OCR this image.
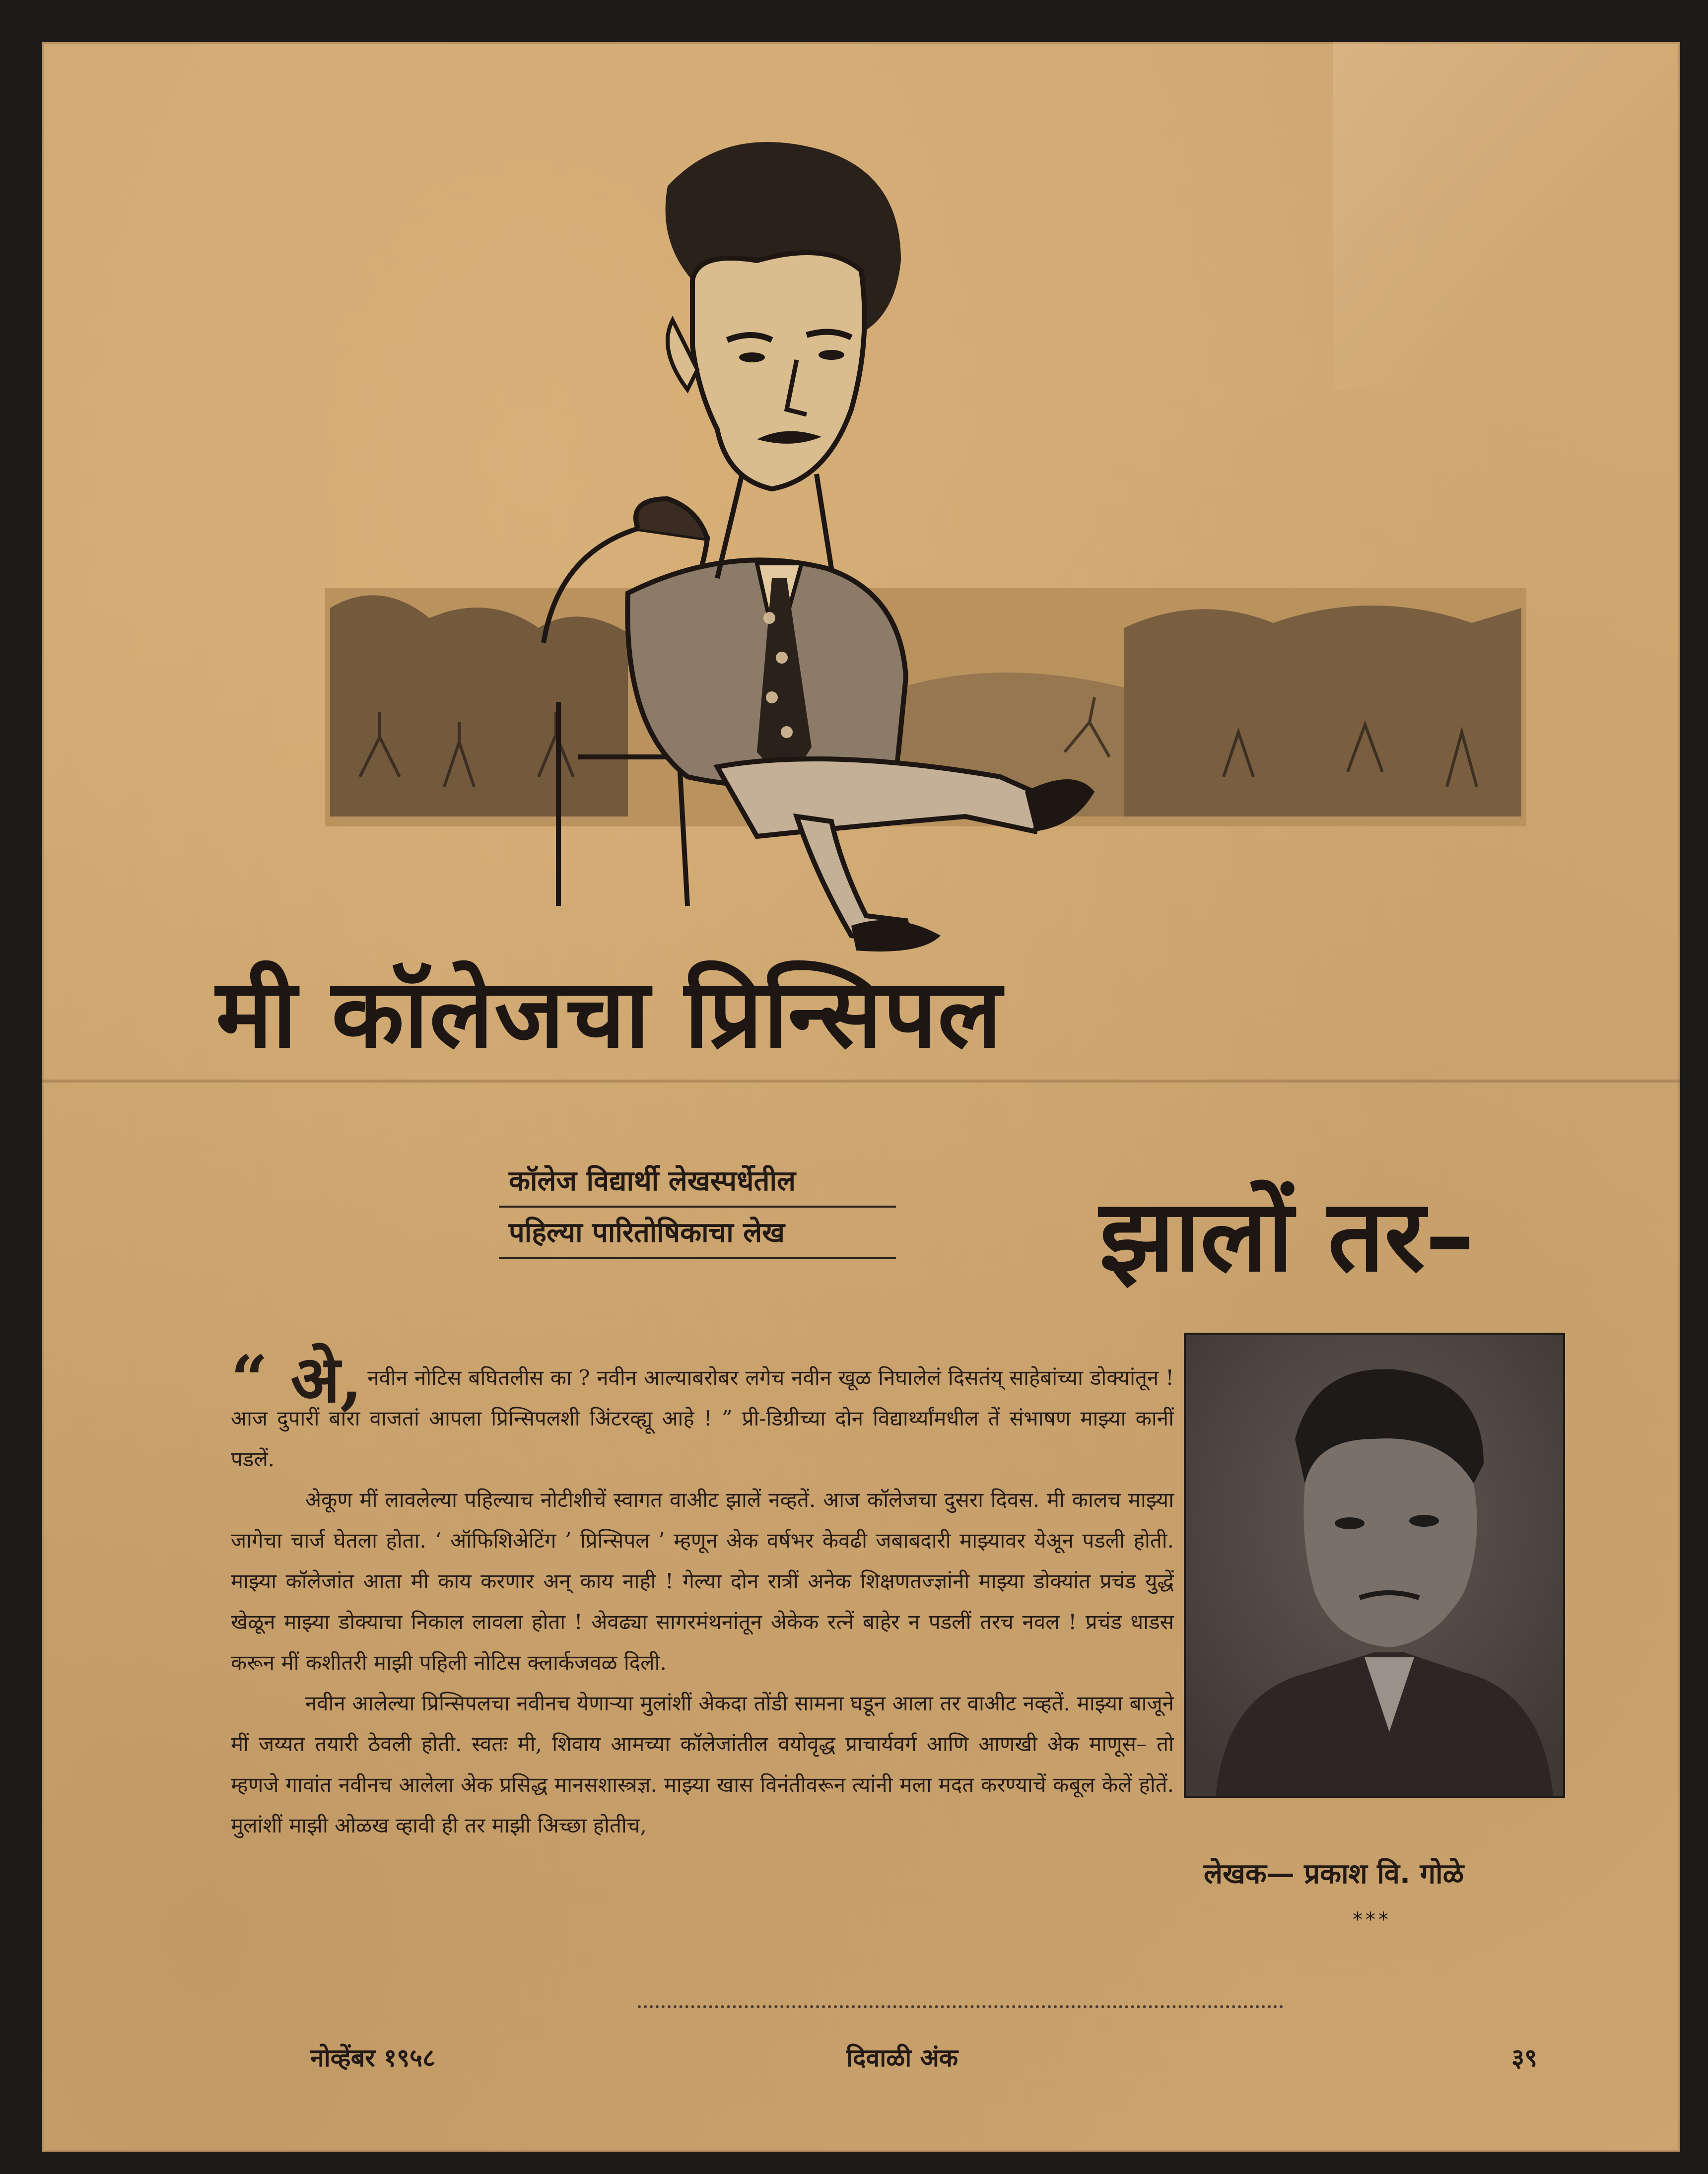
मी कॉलेजचा प्रिन्सिपल
कॉलेज विद्यार्थी लेखस्पर्धेतील
पहिल्या पारितोषिकाचा लेख	झालों तर–

“ अे, नवीन नोटिस बघितलीस का ? नवीन आल्याबरोबर लगेच नवीन खूळ निघालेलं दिसतंय् साहेबांच्या डोक्यांतून ! आज दुपारीं बारा वाजतां आपला प्रिन्सिपलशी अिंटरव्ह्यू आहे ! ” प्री-डिग्रीच्या दोन विद्यार्थ्यांमधील तें संभाषण माझ्या कानीं पडलें.

अेकूण मीं लावलेल्या पहिल्याच नोटीशीचें स्वागत वाअीट झालें नव्हतें. आज कॉलेजचा दुसरा दिवस. मी कालच माझ्या जागेचा चार्ज घेतला होता. ‘ ऑफिशिअेटिंग ’ प्रिन्सिपल ’ म्हणून अेक वर्षभर केवढी जबाबदारी माझ्यावर येअून पडली होती. माझ्या कॉलेजांत आता मी काय करणार अन् काय नाही ! गेल्या दोन रात्रीं अनेक शिक्षणतज्ज्ञांनी माझ्या डोक्यांत प्रचंड युद्धें खेळून माझ्या डोक्याचा निकाल लावला होता ! अेवढ्या सागरमंथनांतून अेकेक रत्नें बाहेर न पडलीं तरच नवल ! प्रचंड धाडस करून मीं कशीतरी माझी पहिली नोटिस क्लार्कजवळ दिली.

नवीन आलेल्या प्रिन्सिपलचा नवीनच येणाऱ्या मुलांशीं अेकदा तोंडी सामना घडून आला तर वाअीट नव्हतें. माझ्या बाजूने मीं जय्यत तयारी ठेवली होती. स्वतः मी, शिवाय आमच्या कॉलेजांतील वयोवृद्ध प्राचार्यवर्ग आणि आणखी अेक माणूस– तो म्हणजे गावांत नवीनच आलेला अेक प्रसिद्ध मानसशास्त्रज्ञ. माझ्या खास विनंतीवरून त्यांनी मला मदत करण्याचें कबूल केलें होतें. मुलांशीं माझी ओळख व्हावी ही तर माझी अिच्छा होतीच,

लेखक— प्रकाश वि. गोळे
***
नोव्हेंबर १९५८	दिवाळी अंक	३९
